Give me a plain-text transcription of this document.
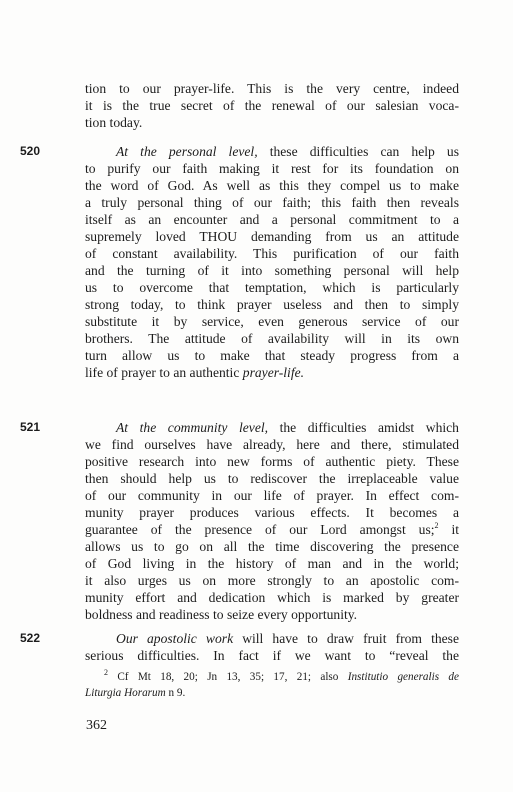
tion to our prayer-life. This is the very centre, indeed
it is the true secret of the renewal of our salesian voca-
tion today.
520	At the personal level, these difficulties can help us
to purify our faith making it rest for its foundation on
the word of God. As well as this they compel us to make
a truly personal thing of our faith; this faith then reveals
itself as an encounter and a personal commitment to a
supremely loved THOU demanding from us an attitude
of constant availability. This purification of our faith
and the turning of it into something personal will help
us to overcome that temptation, which is particularly
strong today, to think prayer useless and then to simply
substitute it by service, even generous service of our
brothers. The attitude of availability will in its own
turn allow us to make that steady progress from a
life of prayer to an authentic prayer-life.
521	At the community level, the difficulties amidst which
we find ourselves have already, here and there, stimulated
positive research into new forms of authentic piety. These
then should help us to rediscover the irreplaceable value
of our community in our life of prayer. In effect com-
munity prayer produces various effects. It becomes a
guarantee of the presence of our Lord amongst us;$^2$ it
allows us to go on all the time discovering the presence
of God living in the history of man and in the world;
it also urges us on more strongly to an apostolic com-
munity effort and dedication which is marked by greater
boldness and readiness to seize every opportunity.
522	Our apostolic work will have to draw fruit from these
serious difficulties. In fact if we want to “reveal the
$^2$ Cf Mt 18, 20; Jn 13, 35; 17, 21; also Institutio generalis de
Liturgia Horarum n 9.
362
